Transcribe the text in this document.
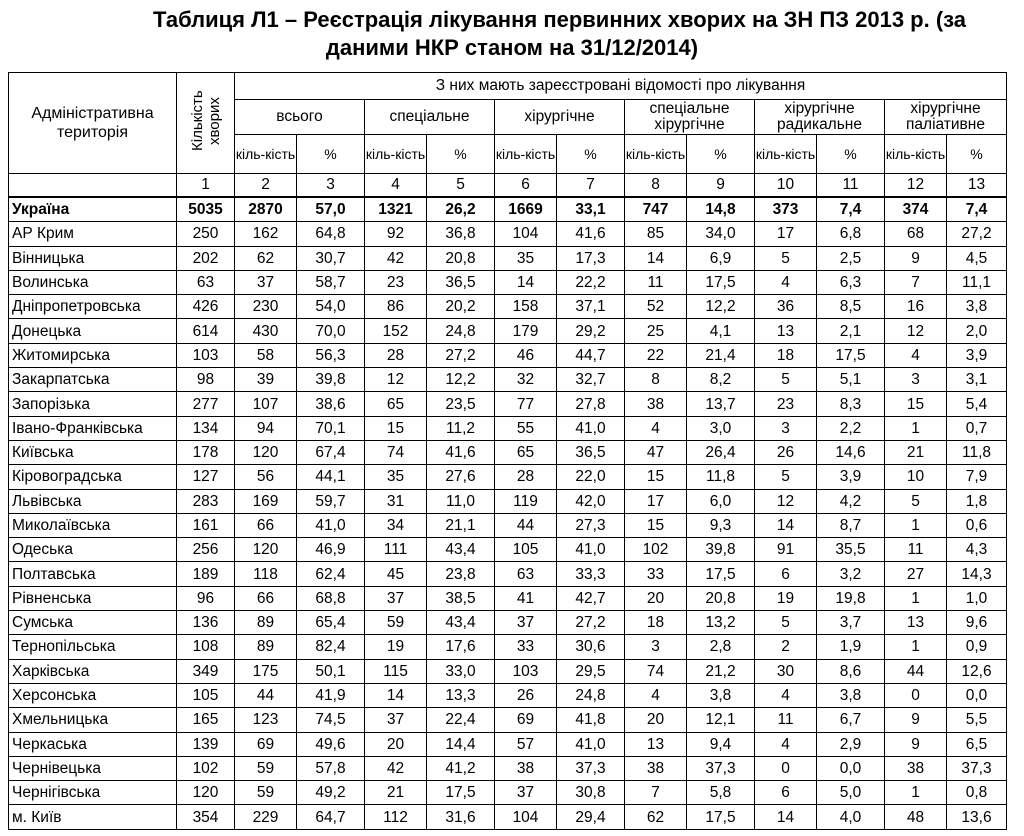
Таблиця Л1 – Реєстрація лікування первинних хворих на ЗН ПЗ 2013 р. (за
даними НКР станом на 31/12/2014)
Адміністративна територія	Кількість хворих	З них мають зареєстровані відомості про лікування											
		всього		спеціальне		хірургічне		спеціальне хірургічне		хірургічне радикальне		хірургічне паліативне	
		кіль-кість	%	кіль-кість	%	кіль-кість	%	кіль-кість	%	кіль-кість	%	кіль-кість	%
	1	2	3	4	5	6	7	8	9	10	11	12	13
Україна	5035	2870	57,0	1321	26,2	1669	33,1	747	14,8	373	7,4	374	7,4
АР Крим	250	162	64,8	92	36,8	104	41,6	85	34,0	17	6,8	68	27,2
Вінницька	202	62	30,7	42	20,8	35	17,3	14	6,9	5	2,5	9	4,5
Волинська	63	37	58,7	23	36,5	14	22,2	11	17,5	4	6,3	7	11,1
Дніпропетровська	426	230	54,0	86	20,2	158	37,1	52	12,2	36	8,5	16	3,8
Донецька	614	430	70,0	152	24,8	179	29,2	25	4,1	13	2,1	12	2,0
Житомирська	103	58	56,3	28	27,2	46	44,7	22	21,4	18	17,5	4	3,9
Закарпатська	98	39	39,8	12	12,2	32	32,7	8	8,2	5	5,1	3	3,1
Запорізька	277	107	38,6	65	23,5	77	27,8	38	13,7	23	8,3	15	5,4
Івано-Франківська	134	94	70,1	15	11,2	55	41,0	4	3,0	3	2,2	1	0,7
Київська	178	120	67,4	74	41,6	65	36,5	47	26,4	26	14,6	21	11,8
Кіровоградська	127	56	44,1	35	27,6	28	22,0	15	11,8	5	3,9	10	7,9
Львівська	283	169	59,7	31	11,0	119	42,0	17	6,0	12	4,2	5	1,8
Миколаївська	161	66	41,0	34	21,1	44	27,3	15	9,3	14	8,7	1	0,6
Одеська	256	120	46,9	111	43,4	105	41,0	102	39,8	91	35,5	11	4,3
Полтавська	189	118	62,4	45	23,8	63	33,3	33	17,5	6	3,2	27	14,3
Рівненська	96	66	68,8	37	38,5	41	42,7	20	20,8	19	19,8	1	1,0
Сумська	136	89	65,4	59	43,4	37	27,2	18	13,2	5	3,7	13	9,6
Тернопільська	108	89	82,4	19	17,6	33	30,6	3	2,8	2	1,9	1	0,9
Харківська	349	175	50,1	115	33,0	103	29,5	74	21,2	30	8,6	44	12,6
Херсонська	105	44	41,9	14	13,3	26	24,8	4	3,8	4	3,8	0	0,0
Хмельницька	165	123	74,5	37	22,4	69	41,8	20	12,1	11	6,7	9	5,5
Черкаська	139	69	49,6	20	14,4	57	41,0	13	9,4	4	2,9	9	6,5
Чернівецька	102	59	57,8	42	41,2	38	37,3	38	37,3	0	0,0	38	37,3
Чернігівська	120	59	49,2	21	17,5	37	30,8	7	5,8	6	5,0	1	0,8
м. Київ	354	229	64,7	112	31,6	104	29,4	62	17,5	14	4,0	48	13,6
